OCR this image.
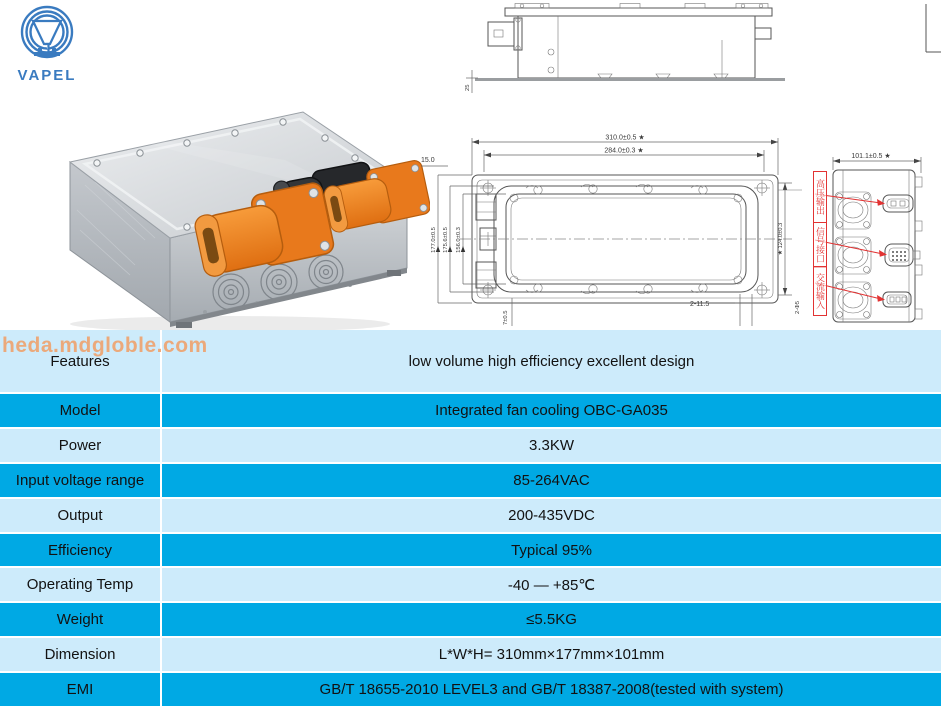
VAPEL
25
310.0±0.5 ★
284.0±0.3 ★
15.0
177.0±0.5 175.6±0.5 156.0±0.3	★ 124.0±0.3
2-11.5
7±0.5
101.1±0.5 ★
2-Φ5
高压输出
信号接口
交流输入
heda.mdgloble.com
Features	low volume high efficiency excellent design
Model	Integrated fan cooling OBC-GA035
Power	3.3KW
Input voltage range	85-264VAC
Output	200-435VDC
Efficiency	Typical 95%
Operating Temp	-40 — +85℃
Weight	≤5.5KG
Dimension	L*W*H= 310mm×177mm×101mm
EMI	GB/T 18655-2010 LEVEL3 and GB/T 18387-2008(tested with system)
